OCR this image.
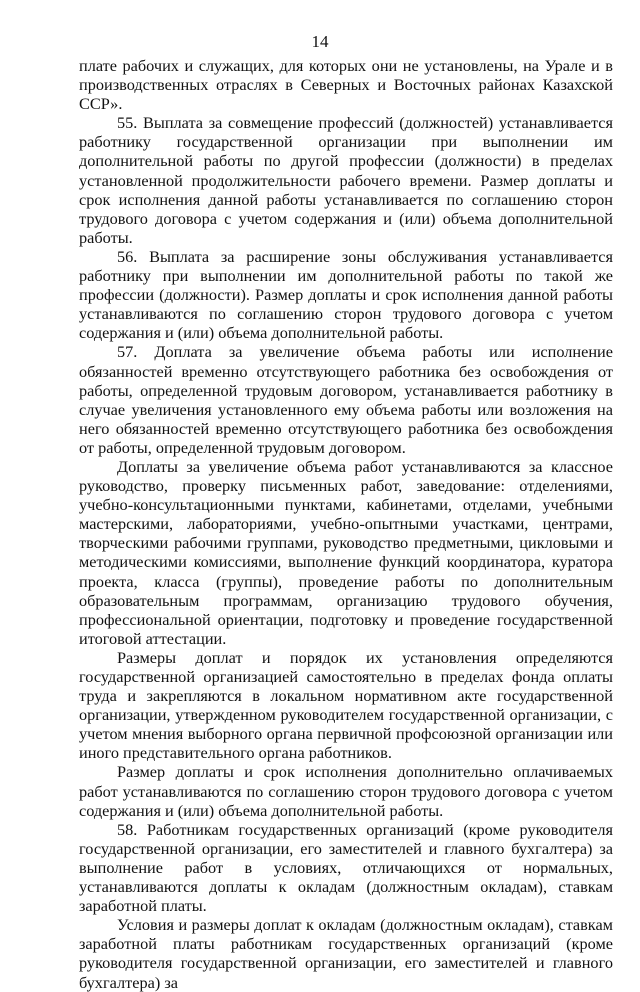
14

плате рабочих и служащих, для которых они не установлены, на Урале и в производственных отраслях в Северных и Восточных районах Казахской ССР».

55. Выплата за совмещение профессий (должностей) устанавливается работнику государственной организации при выполнении им дополнительной работы по другой профессии (должности) в пределах установленной продолжительности рабочего времени. Размер доплаты и срок исполнения данной работы устанавливается по соглашению сторон трудового договора с учетом содержания и (или) объема дополнительной работы.

56. Выплата за расширение зоны обслуживания устанавливается работнику при выполнении им дополнительной работы по такой же профессии (должности). Размер доплаты и срок исполнения данной работы устанавливаются по соглашению сторон трудового договора с учетом содержания и (или) объема дополнительной работы.

57. Доплата за увеличение объема работы или исполнение обязанностей временно отсутствующего работника без освобождения от работы, определенной трудовым договором, устанавливается работнику в случае увеличения установленного ему объема работы или возложения на него обязанностей временно отсутствующего работника без освобождения от работы, определенной трудовым договором.

Доплаты за увеличение объема работ устанавливаются за классное руководство, проверку письменных работ, заведование: отделениями, учебно-консультационными пунктами, кабинетами, отделами, учебными мастерскими, лабораториями, учебно-опытными участками, центрами, творческими рабочими группами, руководство предметными, цикловыми и методическими комиссиями, выполнение функций координатора, куратора проекта, класса (группы), проведение работы по дополнительным образовательным программам, организацию трудового обучения, профессиональной ориентации, подготовку и проведение государственной итоговой аттестации.

Размеры доплат и порядок их установления определяются государственной организацией самостоятельно в пределах фонда оплаты труда и закрепляются в локальном нормативном акте государственной организации, утвержденном руководителем государственной организации, с учетом мнения выборного органа первичной профсоюзной организации или иного представительного органа работников.

Размер доплаты и срок исполнения дополнительно оплачиваемых работ устанавливаются по соглашению сторон трудового договора с учетом содержания и (или) объема дополнительной работы.

58. Работникам государственных организаций (кроме руководителя государственной организации, его заместителей и главного бухгалтера) за выполнение работ в условиях, отличающихся от нормальных, устанавливаются доплаты к окладам (должностным окладам), ставкам заработной платы.

Условия и размеры доплат к окладам (должностным окладам), ставкам заработной платы работникам государственных организаций (кроме руководителя государственной организации, его заместителей и главного бухгалтера) за
